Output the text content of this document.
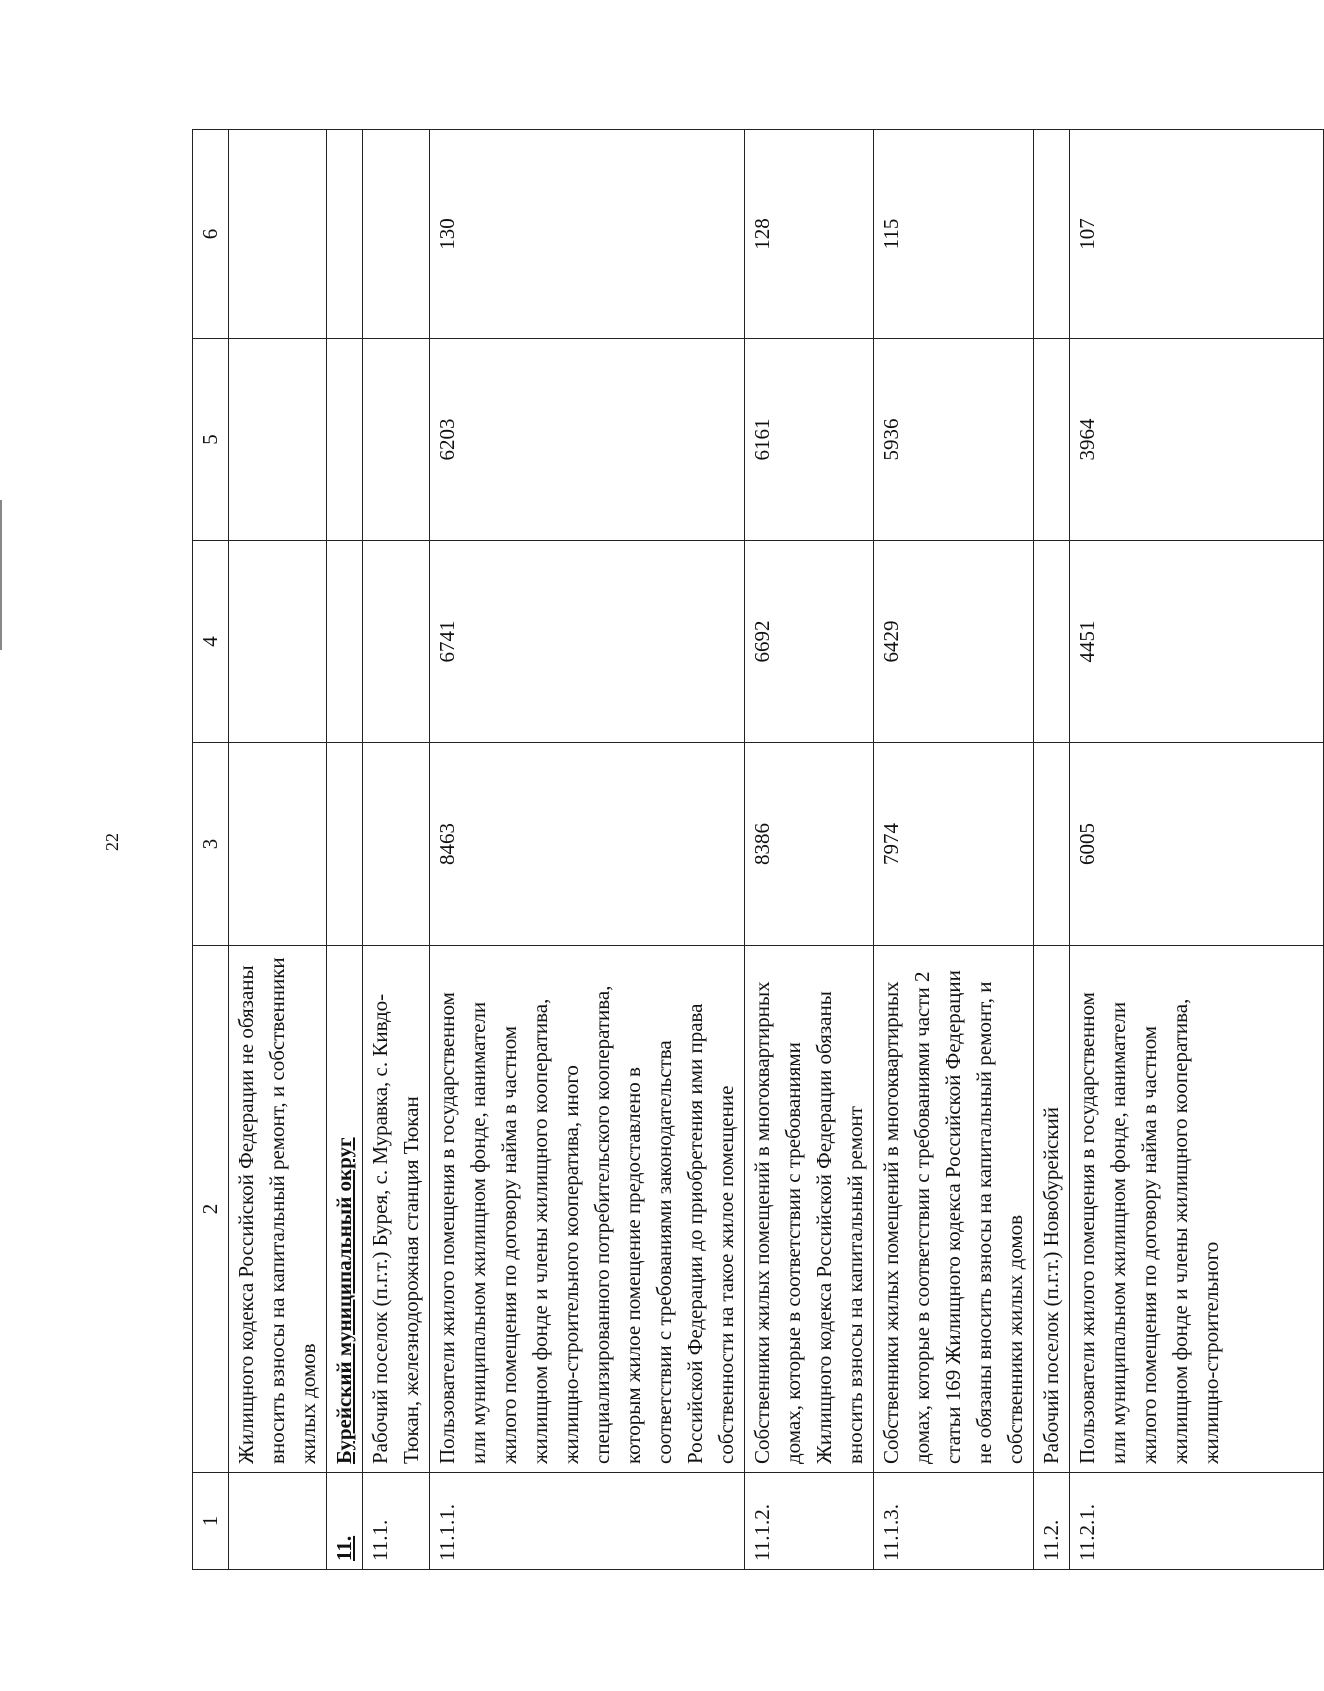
22
1	2	3	4	5	6
	Жилищного кодекса Российской Федерации не обязаны вносить взносы на капитальный ремонт, и собственники жилых домов				
11.	Бурейский муниципальный округ				
11.1.	Рабочий поселок (п.г.т.) Бурея, с. Муравка, с. Кивдо-Тюкан, железнодорожная станция Тюкан				
11.1.1.	Пользователи жилого помещения в государственном или муниципальном жилищном фонде, наниматели жилого помещения по договору найма в частном жилищном фонде и члены жилищного кооператива, жилищно-строительного кооператива, иного специализированного потребительского кооператива, которым жилое помещение предоставлено в соответствии с требованиями законодательства Российской Федерации до приобретения ими права собственности на такое жилое помещение	8463	6741	6203	130
11.1.2.	Собственники жилых помещений в многоквартирных домах, которые в соответствии с требованиями Жилищного кодекса Российской Федерации обязаны вносить взносы на капитальный ремонт	8386	6692	6161	128
11.1.3.	Собственники жилых помещений в многоквартирных домах, которые в соответствии с требованиями части 2 статьи 169 Жилищного кодекса Российской Федерации не обязаны вносить взносы на капитальный ремонт, и собственники жилых домов	7974	6429	5936	115
11.2.	Рабочий поселок (п.г.т.) Новобурейский				
11.2.1.	Пользователи жилого помещения в государственном или муниципальном жилищном фонде, наниматели жилого помещения по договору найма в частном жилищном фонде и члены жилищного кооператива, жилищно-строительного	6005	4451	3964	107
